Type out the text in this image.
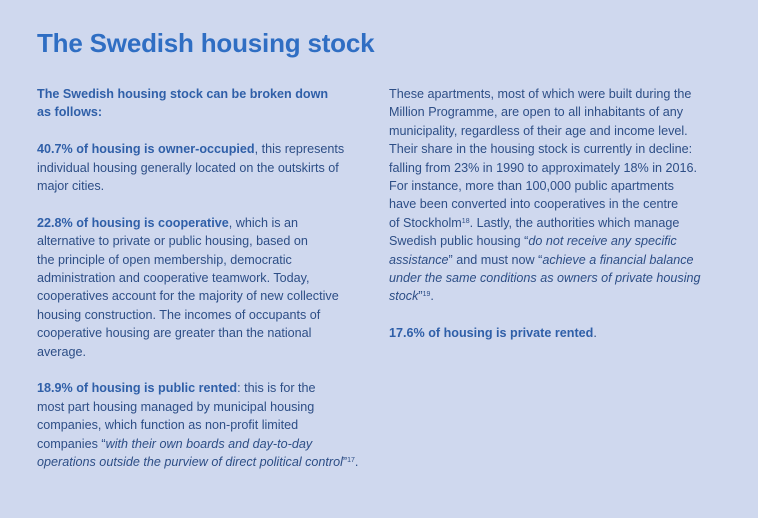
The Swedish housing stock

The Swedish housing stock can be broken down
as follows:

40.7% of housing is owner-occupied, this represents
individual housing generally located on the outskirts of
major cities.

22.8% of housing is cooperative, which is an
alternative to private or public housing, based on
the principle of open membership, democratic
administration and cooperative teamwork. Today,
cooperatives account for the majority of new collective
housing construction. The incomes of occupants of
cooperative housing are greater than the national
average.

18.9% of housing is public rented: this is for the
most part housing managed by municipal housing
companies, which function as non-profit limited
companies “with their own boards and day-to-day
operations outside the purview of direct political control”$^{17}$.

These apartments, most of which were built during the
Million Programme, are open to all inhabitants of any
municipality, regardless of their age and income level.
Their share in the housing stock is currently in decline:
falling from 23% in 1990 to approximately 18% in 2016.
For instance, more than 100,000 public apartments
have been converted into cooperatives in the centre
of Stockholm$^{18}$. Lastly, the authorities which manage
Swedish public housing “do not receive any specific
assistance” and must now “achieve a financial balance
under the same conditions as owners of private housing
stock”$^{19}$.

17.6% of housing is private rented.
